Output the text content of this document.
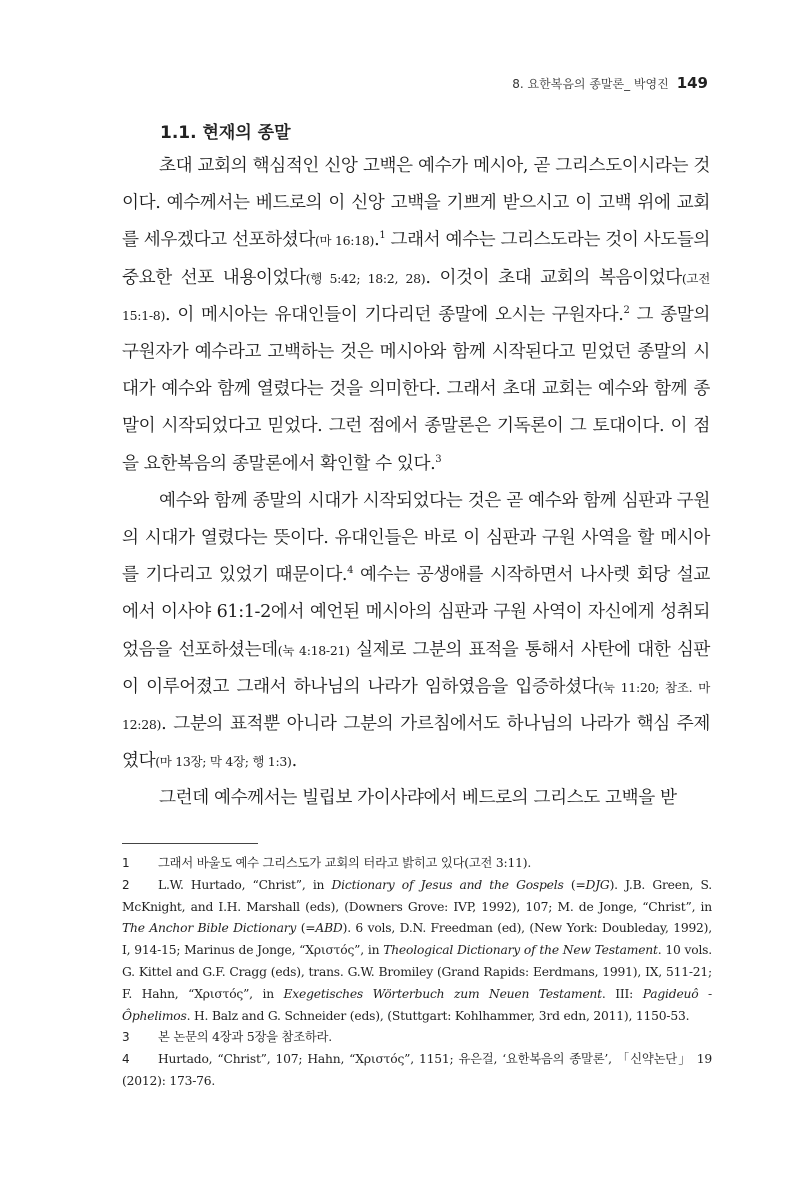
8. 요한복음의 종말론_ 박영진 149
1.1. 현재의 종말

초대 교회의 핵심적인 신앙 고백은 예수가 메시아, 곧 그리스도이시라는 것이다. 예수께서는 베드로의 이 신앙 고백을 기쁘게 받으시고 이 고백 위에 교회를 세우겠다고 선포하셨다(마 16:18).$^1$ 그래서 예수는 그리스도라는 것이 사도들의 중요한 선포 내용이었다(행 5:42; 18:2, 28). 이것이 초대 교회의 복음이었다(고전 15:1-8). 이 메시아는 유대인들이 기다리던 종말에 오시는 구원자다.$^2$ 그 종말의 구원자가 예수라고 고백하는 것은 메시아와 함께 시작된다고 믿었던 종말의 시대가 예수와 함께 열렸다는 것을 의미한다. 그래서 초대 교회는 예수와 함께 종말이 시작되었다고 믿었다. 그런 점에서 종말론은 기독론이 그 토대이다. 이 점을 요한복음의 종말론에서 확인할 수 있다.$^3$

예수와 함께 종말의 시대가 시작되었다는 것은 곧 예수와 함께 심판과 구원의 시대가 열렸다는 뜻이다. 유대인들은 바로 이 심판과 구원 사역을 할 메시아를 기다리고 있었기 때문이다.$^4$ 예수는 공생애를 시작하면서 나사렛 회당 설교에서 이사야 61:1-2에서 예언된 메시아의 심판과 구원 사역이 자신에게 성취되었음을 선포하셨는데(눅 4:18-21) 실제로 그분의 표적을 통해서 사탄에 대한 심판이 이루어졌고 그래서 하나님의 나라가 임하였음을 입증하셨다(눅 11:20; 참조. 마 12:28). 그분의 표적뿐 아니라 그분의 가르침에서도 하나님의 나라가 핵심 주제였다(마 13장; 막 4장; 행 1:3).

그런데 예수께서는 빌립보 가이사랴에서 베드로의 그리스도 고백을 받

1 그래서 바울도 예수 그리스도가 교회의 터라고 밝히고 있다(고전 3:11).
2 L.W. Hurtado, “Christ”, in Dictionary of Jesus and the Gospels (=DJG). J.B. Green, S. McKnight, and I.H. Marshall (eds), (Downers Grove: IVP, 1992), 107; M. de Jonge, “Christ”, in The Anchor Bible Dictionary (=ABD). 6 vols, D.N. Freedman (ed), (New York: Doubleday, 1992), I, 914-15; Marinus de Jonge, “Χριστός”, in Theological Dictionary of the New Testament. 10 vols. G. Kittel and G.F. Cragg (eds), trans. G.W. Bromiley (Grand Rapids: Eerdmans, 1991), IX, 511-21; F. Hahn, “Χριστός”, in Exegetisches Wörterbuch zum Neuen Testament. III: Pagideuô - Ôphelimos. H. Balz and G. Schneider (eds), (Stuttgart: Kohlhammer, 3rd edn, 2011), 1150-53.
3 본 논문의 4장과 5장을 참조하라.
4 Hurtado, “Christ”, 107; Hahn, “Χριστός”, 1151; 유은걸, ‘요한복음의 종말론’, 「신약논단」 19 (2012): 173-76.
